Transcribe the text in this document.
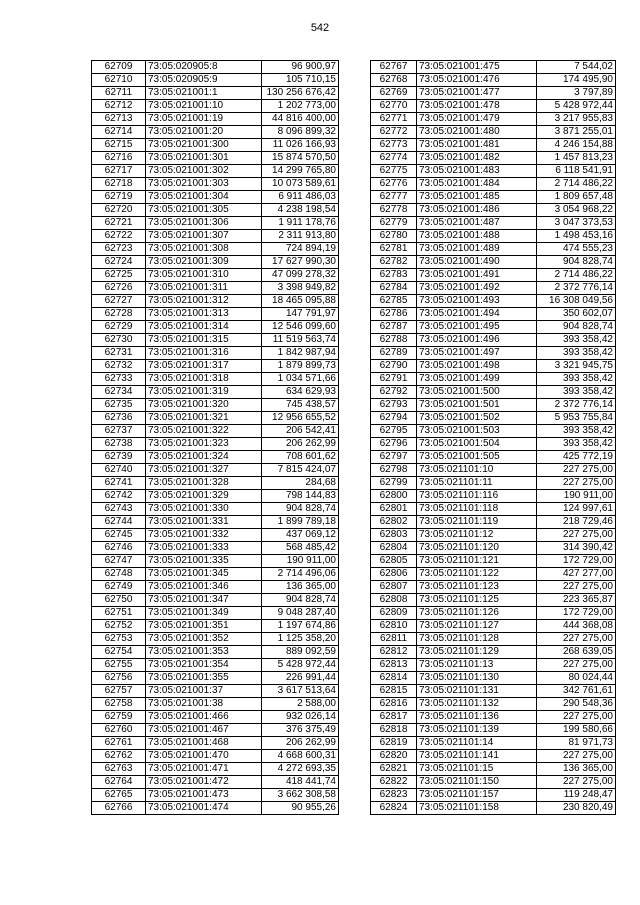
542
62709	73:05:020905:8	96 900,97
62710	73:05:020905:9	105 710,15
62711	73:05:021001:1	130 256 676,42
62712	73:05:021001:10	1 202 773,00
62713	73:05:021001:19	44 816 400,00
62714	73:05:021001:20	8 096 899,32
62715	73:05:021001:300	11 026 166,93
62716	73:05:021001:301	15 874 570,50
62717	73:05:021001:302	14 299 765,80
62718	73:05:021001:303	10 073 589,61
62719	73:05:021001:304	6 911 486,03
62720	73:05:021001:305	4 238 198,54
62721	73:05:021001:306	1 911 178,76
62722	73:05:021001:307	2 311 913,80
62723	73:05:021001:308	724 894,19
62724	73:05:021001:309	17 627 990,30
62725	73:05:021001:310	47 099 278,32
62726	73:05:021001:311	3 398 949,82
62727	73:05:021001:312	18 465 095,88
62728	73:05:021001:313	147 791,97
62729	73:05:021001:314	12 546 099,60
62730	73:05:021001:315	11 519 563,74
62731	73:05:021001:316	1 842 987,94
62732	73:05:021001:317	1 879 899,73
62733	73:05:021001:318	1 034 571,66
62734	73:05:021001:319	634 629,93
62735	73:05:021001:320	745 438,57
62736	73:05:021001:321	12 956 655,52
62737	73:05:021001:322	206 542,41
62738	73:05:021001:323	206 262,99
62739	73:05:021001:324	708 601,62
62740	73:05:021001:327	7 815 424,07
62741	73:05:021001:328	284,68
62742	73:05:021001:329	798 144,83
62743	73:05:021001:330	904 828,74
62744	73:05:021001:331	1 899 789,18
62745	73:05:021001:332	437 069,12
62746	73:05:021001:333	568 485,42
62747	73:05:021001:335	190 911,00
62748	73:05:021001:345	2 714 496,06
62749	73:05:021001:346	136 365,00
62750	73:05:021001:347	904 828,74
62751	73:05:021001:349	9 048 287,40
62752	73:05:021001:351	1 197 674,86
62753	73:05:021001:352	1 125 358,20
62754	73:05:021001:353	889 092,59
62755	73:05:021001:354	5 428 972,44
62756	73:05:021001:355	226 991,44
62757	73:05:021001:37	3 617 513,64
62758	73:05:021001:38	2 588,00
62759	73:05:021001:466	932 026,14
62760	73:05:021001:467	376 375,49
62761	73:05:021001:468	206 262,99
62762	73:05:021001:470	4 668 600,31
62763	73:05:021001:471	4 272 693,35
62764	73:05:021001:472	418 441,74
62765	73:05:021001:473	3 662 308,58
62766	73:05:021001:474	90 955,26
62767	73:05:021001:475	7 544,02
62768	73:05:021001:476	174 495,90
62769	73:05:021001:477	3 797,89
62770	73:05:021001:478	5 428 972,44
62771	73:05:021001:479	3 217 955,83
62772	73:05:021001:480	3 871 255,01
62773	73:05:021001:481	4 246 154,88
62774	73:05:021001:482	1 457 813,23
62775	73:05:021001:483	6 118 541,91
62776	73:05:021001:484	2 714 486,22
62777	73:05:021001:485	1 809 657,48
62778	73:05:021001:486	3 054 968,22
62779	73:05:021001:487	3 047 373,53
62780	73:05:021001:488	1 498 453,16
62781	73:05:021001:489	474 555,23
62782	73:05:021001:490	904 828,74
62783	73:05:021001:491	2 714 486,22
62784	73:05:021001:492	2 372 776,14
62785	73:05:021001:493	16 308 049,56
62786	73:05:021001:494	350 602,07
62787	73:05:021001:495	904 828,74
62788	73:05:021001:496	393 358,42
62789	73:05:021001:497	393 358,42
62790	73:05:021001:498	3 321 945,75
62791	73:05:021001:499	393 358,42
62792	73:05:021001:500	393 358,42
62793	73:05:021001:501	2 372 776,14
62794	73:05:021001:502	5 953 755,84
62795	73:05:021001:503	393 358,42
62796	73:05:021001:504	393 358,42
62797	73:05:021001:505	425 772,19
62798	73:05:021101:10	227 275,00
62799	73:05:021101:11	227 275,00
62800	73:05:021101:116	190 911,00
62801	73:05:021101:118	124 997,61
62802	73:05:021101:119	218 729,46
62803	73:05:021101:12	227 275,00
62804	73:05:021101:120	314 390,42
62805	73:05:021101:121	172 729,00
62806	73:05:021101:122	427 277,00
62807	73:05:021101:123	227 275,00
62808	73:05:021101:125	223 365,87
62809	73:05:021101:126	172 729,00
62810	73:05:021101:127	444 368,08
62811	73:05:021101:128	227 275,00
62812	73:05:021101:129	268 639,05
62813	73:05:021101:13	227 275,00
62814	73:05:021101:130	80 024,44
62815	73:05:021101:131	342 761,61
62816	73:05:021101:132	290 548,36
62817	73:05:021101:136	227 275,00
62818	73:05:021101:139	199 580,66
62819	73:05:021101:14	81 971,73
62820	73:05:021101:141	227 275,00
62821	73:05:021101:15	136 365,00
62822	73:05:021101:150	227 275,00
62823	73:05:021101:157	119 248,47
62824	73:05:021101:158	230 820,49
